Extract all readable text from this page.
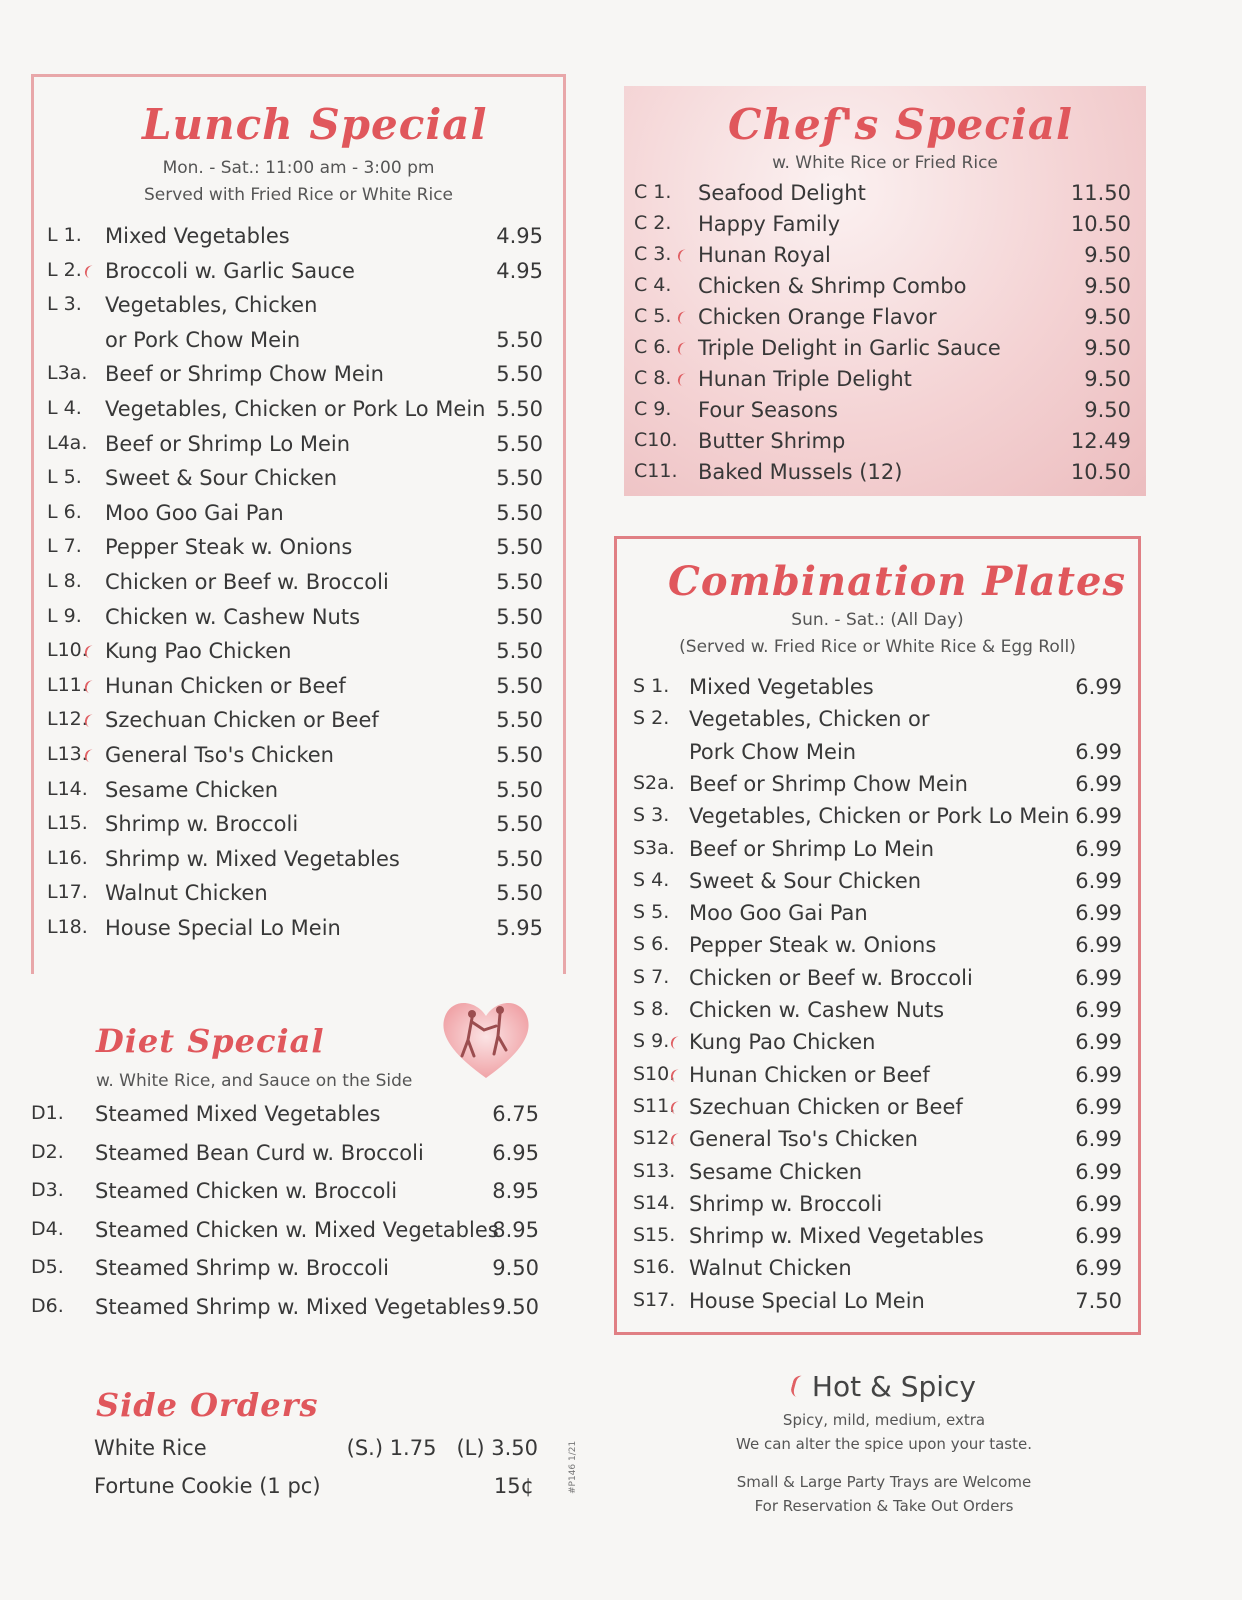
Lunch Special
Mon. - Sat.: 11:00 am - 3:00 pm
Served with Fried Rice or White Rice
L 1. Mixed Vegetables	4.95
L 2. Broccoli w. Garlic Sauce	4.95
L 3. Vegetables, Chicken
or Pork Chow Mein	5.50
L3a. Beef or Shrimp Chow Mein	5.50
L 4. Vegetables, Chicken or Pork Lo Mein 5.50
L4a. Beef or Shrimp Lo Mein	5.50
L 5. Sweet & Sour Chicken	5.50
L 6. Moo Goo Gai Pan	5.50
L 7. Pepper Steak w. Onions	5.50
L 8. Chicken or Beef w. Broccoli	5.50
L 9. Chicken w. Cashew Nuts	5.50
L10. Kung Pao Chicken	5.50
L11. Hunan Chicken or Beef	5.50
L12. Szechuan Chicken or Beef	5.50
L13. General Tso's Chicken	5.50
L14. Sesame Chicken	5.50
L15. Shrimp w. Broccoli	5.50
L16. Shrimp w. Mixed Vegetables	5.50
L17. Walnut Chicken	5.50
L18. House Special Lo Mein	5.95
Diet Special
w. White Rice, and Sauce on the Side
D1. Steamed Mixed Vegetables	6.75
D2. Steamed Bean Curd w. Broccoli	6.95
D3. Steamed Chicken w. Broccoli	8.95
D4. Steamed Chicken w. Mixed Vegetables
8.95
D5. Steamed Shrimp w. Broccoli	9.50
D6. Steamed Shrimp w. Mixed Vegetables 9.50
Side Orders
White Rice	(S.) 1.75   (L) 3.50
Fortune Cookie (1 pc)	15¢	#P146 1/21
Chef's Special
w. White Rice or Fried Rice
C 1. Seafood Delight	11.50
C 2. Happy Family	10.50
C 3. Hunan Royal	9.50
C 4. Chicken & Shrimp Combo	9.50
C 5. Chicken Orange Flavor	9.50
C 6. Triple Delight in Garlic Sauce	9.50
C 8. Hunan Triple Delight	9.50
C 9. Four Seasons	9.50
C10. Butter Shrimp	12.49
C11. Baked Mussels (12)	10.50
Combination Plates
Sun. - Sat.: (All Day)
(Served w. Fried Rice or White Rice & Egg Roll)
S 1. Mixed Vegetables	6.99
S 2. Vegetables, Chicken or
Pork Chow Mein	6.99
S2a. Beef or Shrimp Chow Mein	6.99
S 3. Vegetables, Chicken or Pork Lo Mein 6.99
S3a. Beef or Shrimp Lo Mein	6.99
S 4. Sweet & Sour Chicken	6.99
S 5. Moo Goo Gai Pan	6.99
S 6. Pepper Steak w. Onions	6.99
S 7. Chicken or Beef w. Broccoli	6.99
S 8. Chicken w. Cashew Nuts	6.99
S 9. Kung Pao Chicken	6.99
S10. Hunan Chicken or Beef	6.99
S11. Szechuan Chicken or Beef	6.99
S12. General Tso's Chicken	6.99
S13. Sesame Chicken	6.99
S14. Shrimp w. Broccoli	6.99
S15. Shrimp w. Mixed Vegetables	6.99
S16. Walnut Chicken	6.99
S17. House Special Lo Mein	7.50
Hot & Spicy
Spicy, mild, medium, extra
We can alter the spice upon your taste.
Small & Large Party Trays are Welcome
For Reservation & Take Out Orders
